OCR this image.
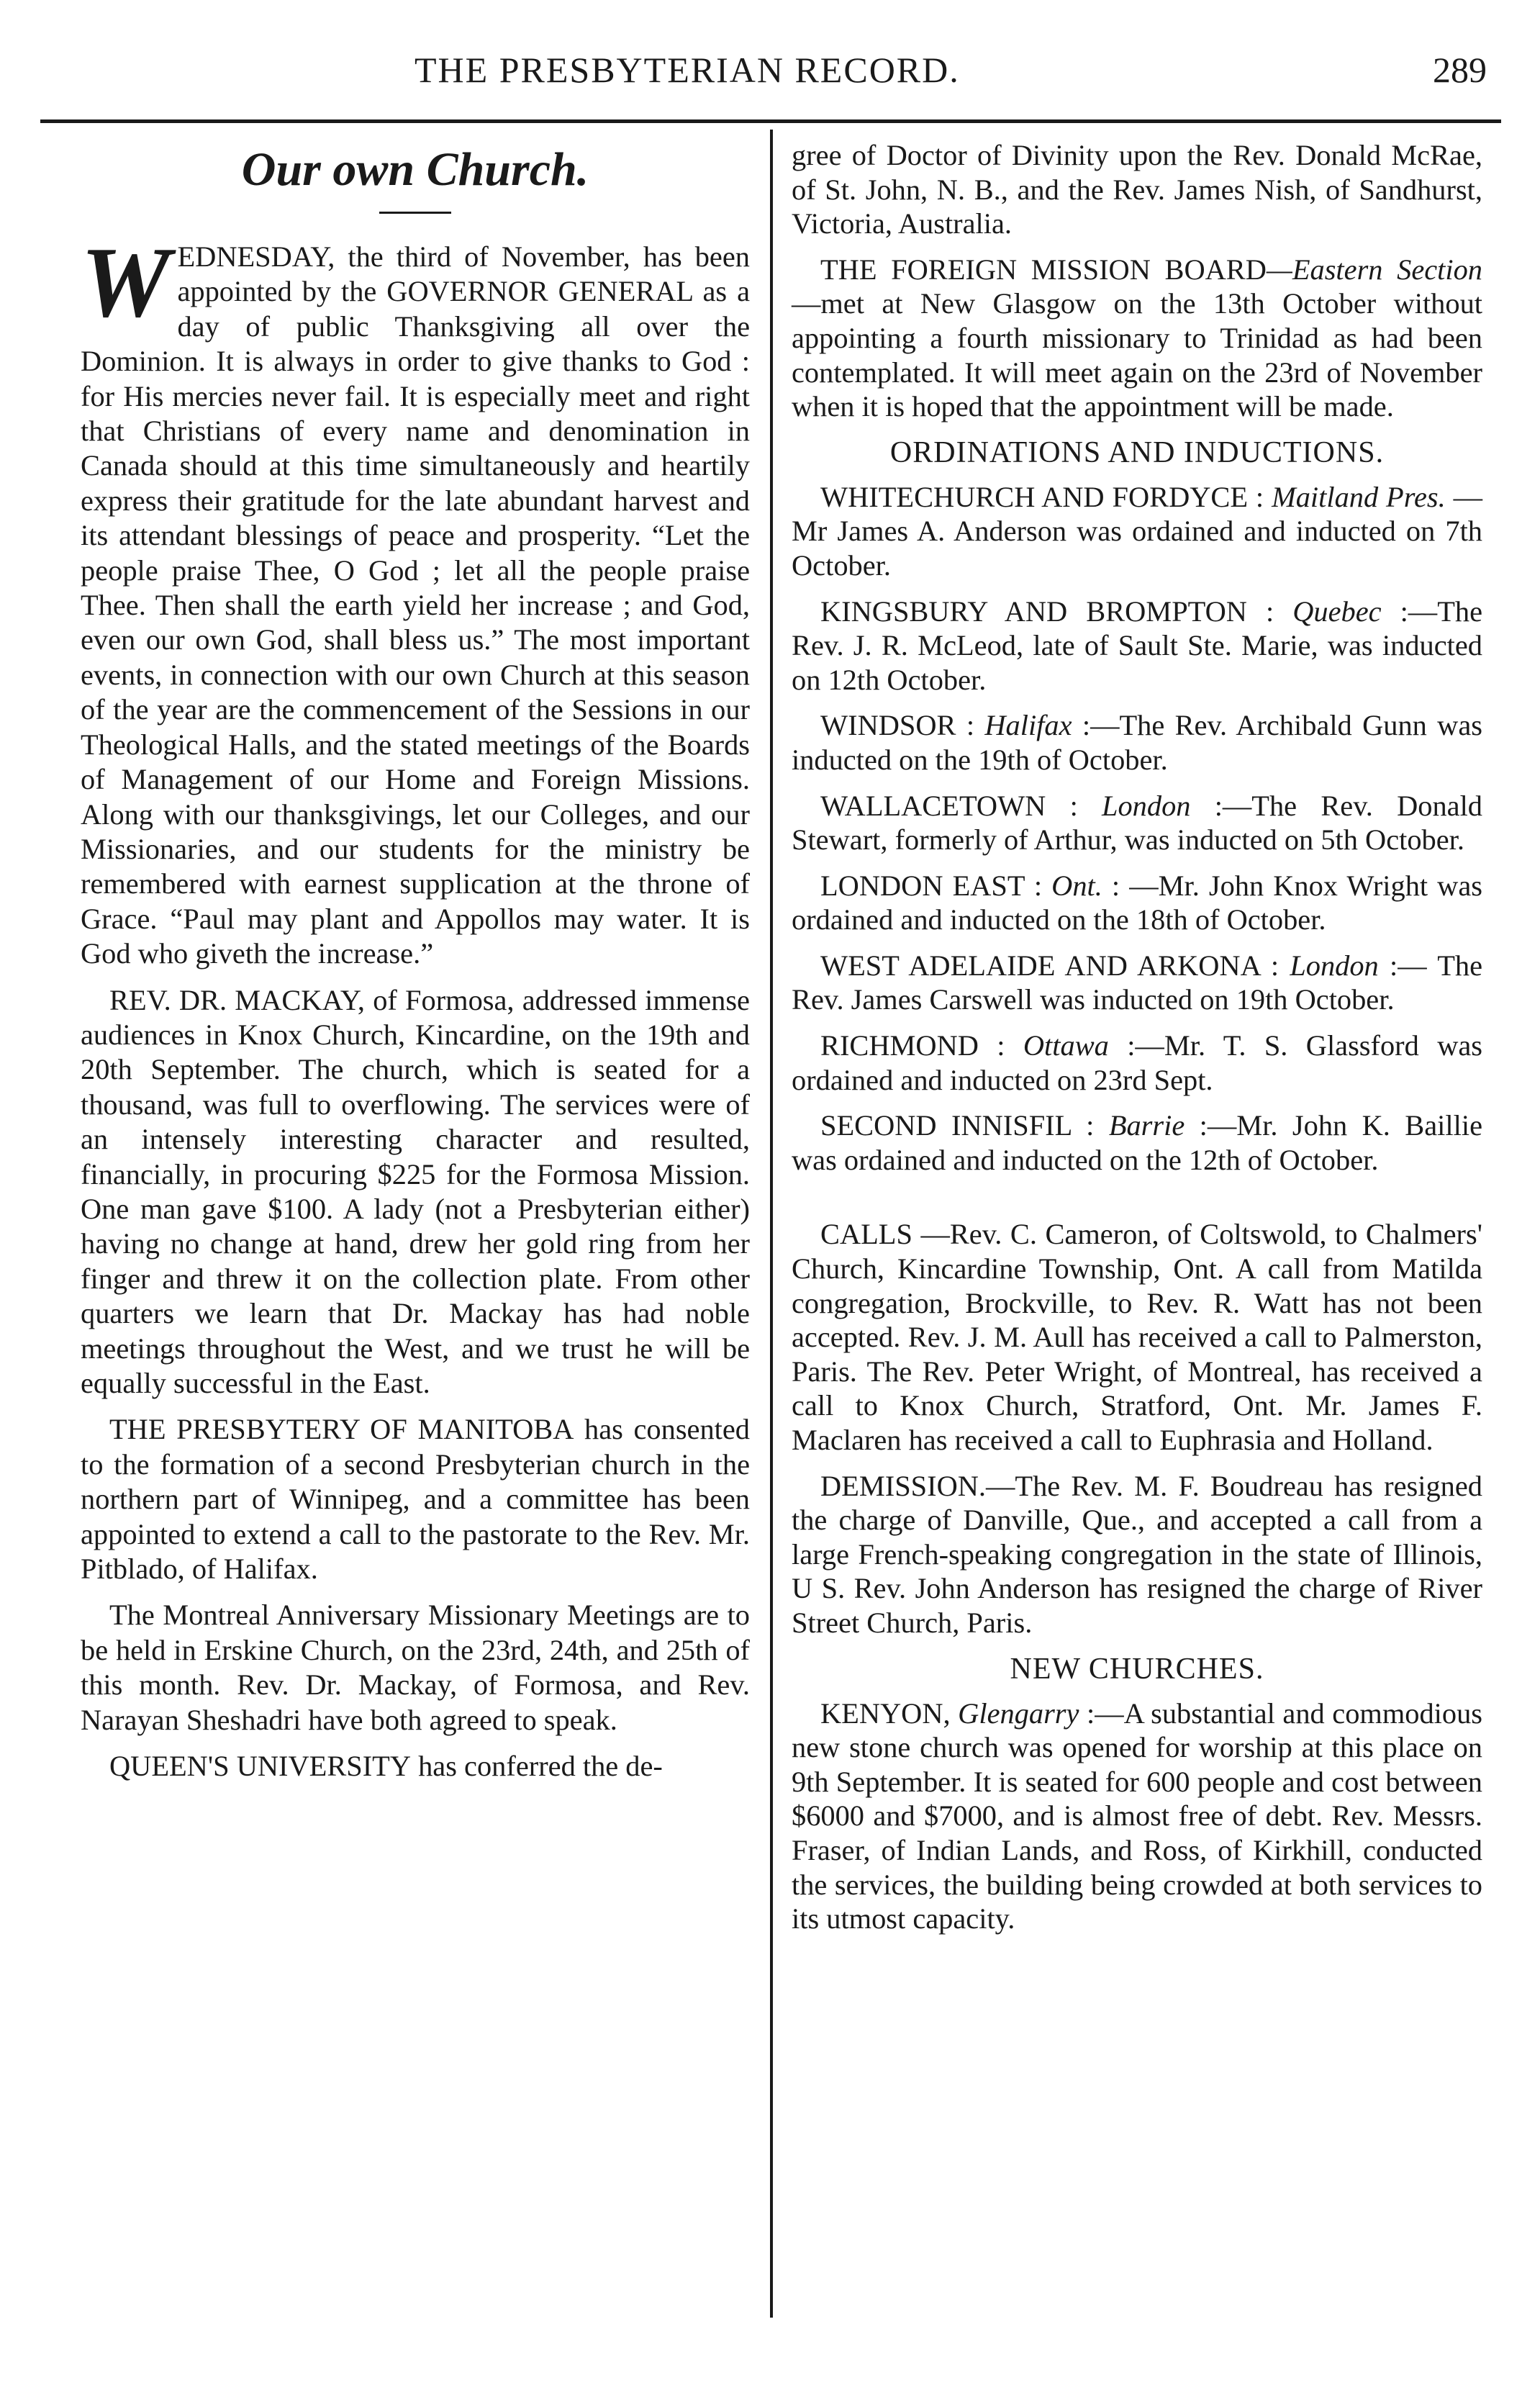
THE PRESBYTERIAN RECORD.	289
Our own Church.

WEDNESDAY, the third of November, has been appointed by the GOVERNOR GENERAL as a day of public Thanksgiving all over the Dominion. It is always in order to give thanks to God : for His mercies never fail. It is especially meet and right that Christians of every name and denomination in Canada should at this time simultaneously and heartily express their gratitude for the late abundant harvest and its attendant blessings of peace and prosperity. “Let the people praise Thee, O God ; let all the people praise Thee. Then shall the earth yield her increase ; and God, even our own God, shall bless us.” The most important events, in connection with our own Church at this season of the year are the commencement of the Sessions in our Theological Halls, and the stated meetings of the Boards of Management of our Home and Foreign Missions. Along with our thanksgivings, let our Colleges, and our Missionaries, and our students for the ministry be remembered with earnest supplication at the throne of Grace. “Paul may plant and Appollos may water. It is God who giveth the increase.”

REV. DR. MACKAY, of Formosa, addressed immense audiences in Knox Church, Kincardine, on the 19th and 20th September. The church, which is seated for a thousand, was full to overflowing. The services were of an intensely interesting character and resulted, financially, in procuring $225 for the Formosa Mission. One man gave $100. A lady (not a Presbyterian either) having no change at hand, drew her gold ring from her finger and threw it on the collection plate. From other quarters we learn that Dr. Mackay has had noble meetings throughout the West, and we trust he will be equally successful in the East.

THE PRESBYTERY OF MANITOBA has consented to the formation of a second Presbyterian church in the northern part of Winnipeg, and a committee has been appointed to extend a call to the pastorate to the Rev. Mr. Pitblado, of Halifax.

The Montreal Anniversary Missionary Meetings are to be held in Erskine Church, on the 23rd, 24th, and 25th of this month. Rev. Dr. Mackay, of Formosa, and Rev. Narayan Sheshadri have both agreed to speak.

QUEEN'S UNIVERSITY has conferred the de-

gree of Doctor of Divinity upon the Rev. Donald McRae, of St. John, N. B., and the Rev. James Nish, of Sandhurst, Victoria, Australia.

THE FOREIGN MISSION BOARD—Eastern Section—met at New Glasgow on the 13th October without appointing a fourth missionary to Trinidad as had been contemplated. It will meet again on the 23rd of November when it is hoped that the appointment will be made.

ORDINATIONS AND INDUCTIONS.

WHITECHURCH AND FORDYCE : Maitland Pres. —Mr James A. Anderson was ordained and inducted on 7th October.

KINGSBURY AND BROMPTON : Quebec :—The Rev. J. R. McLeod, late of Sault Ste. Marie, was inducted on 12th October.

WINDSOR : Halifax :—The Rev. Archibald Gunn was inducted on the 19th of October.

WALLACETOWN : London :—The Rev. Donald Stewart, formerly of Arthur, was inducted on 5th October.

LONDON EAST : Ont. : —Mr. John Knox Wright was ordained and inducted on the 18th of October.

WEST ADELAIDE AND ARKONA : London :— The Rev. James Carswell was inducted on 19th October.

RICHMOND : Ottawa :—Mr. T. S. Glassford was ordained and inducted on 23rd Sept.

SECOND INNISFIL : Barrie :—Mr. John K. Baillie was ordained and inducted on the 12th of October.

CALLS —Rev. C. Cameron, of Coltswold, to Chalmers' Church, Kincardine Township, Ont. A call from Matilda congregation, Brockville, to Rev. R. Watt has not been accepted. Rev. J. M. Aull has received a call to Palmerston, Paris. The Rev. Peter Wright, of Montreal, has received a call to Knox Church, Stratford, Ont. Mr. James F. Maclaren has received a call to Euphrasia and Holland.

DEMISSION.—The Rev. M. F. Boudreau has resigned the charge of Danville, Que., and accepted a call from a large French-speaking congregation in the state of Illinois, U S. Rev. John Anderson has resigned the charge of River Street Church, Paris.

NEW CHURCHES.

KENYON, Glengarry :—A substantial and commodious new stone church was opened for worship at this place on 9th September. It is seated for 600 people and cost between $6000 and $7000, and is almost free of debt. Rev. Messrs. Fraser, of Indian Lands, and Ross, of Kirkhill, conducted the services, the building being crowded at both services to its utmost capacity.
